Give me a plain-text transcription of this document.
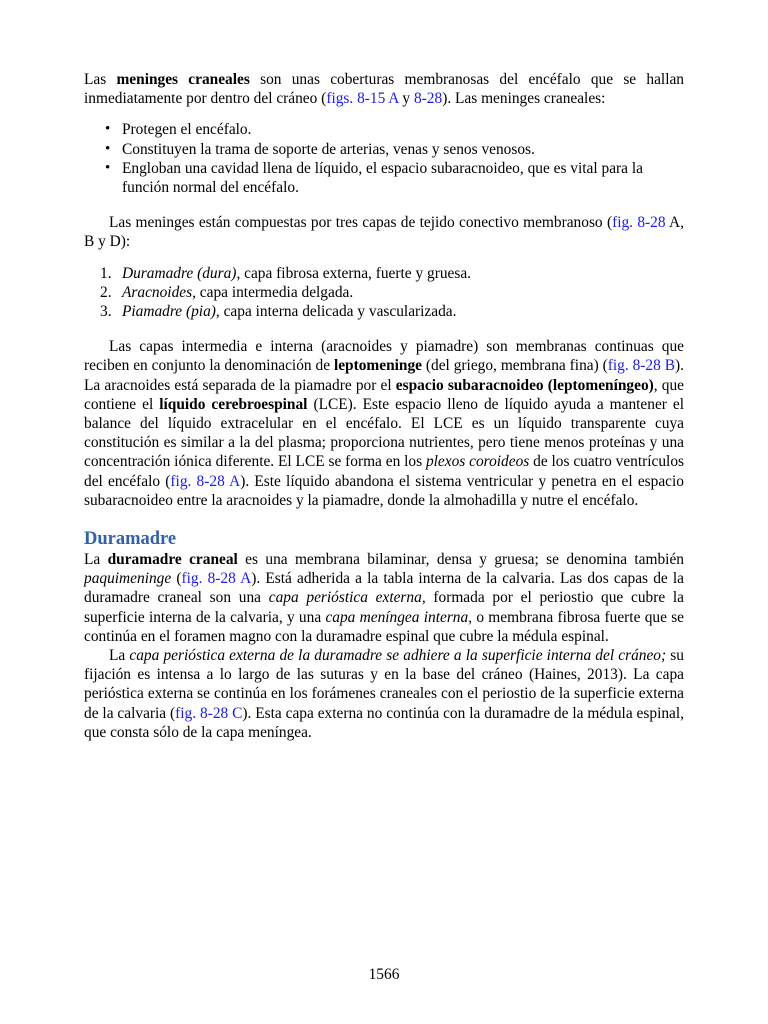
Las meninges craneales son unas coberturas membranosas del encéfalo que se hallan inmediatamente por dentro del cráneo (figs. 8-15 A y 8-28). Las meninges craneales:

• Protegen el encéfalo.
• Constituyen la trama de soporte de arterias, venas y senos venosos.
• Engloban una cavidad llena de líquido, el espacio subaracnoideo, que es vital para la función normal del encéfalo.

Las meninges están compuestas por tres capas de tejido conectivo membranoso (fig. 8-28 A, B y D):

1. Duramadre (dura), capa fibrosa externa, fuerte y gruesa.
2. Aracnoides, capa intermedia delgada.
3. Piamadre (pia), capa interna delicada y vascularizada.

Las capas intermedia e interna (aracnoides y piamadre) son membranas continuas que reciben en conjunto la denominación de leptomeninge (del griego, membrana fina) (fig. 8-28 B). La aracnoides está separada de la piamadre por el espacio subaracnoideo (leptomeníngeo), que contiene el líquido cerebroespinal (LCE). Este espacio lleno de líquido ayuda a mantener el balance del líquido extracelular en el encéfalo. El LCE es un líquido transparente cuya constitución es similar a la del plasma; proporciona nutrientes, pero tiene menos proteínas y una concentración iónica diferente. El LCE se forma en los plexos coroideos de los cuatro ventrículos del encéfalo (fig. 8-28 A). Este líquido abandona el sistema ventricular y penetra en el espacio subaracnoideo entre la aracnoides y la piamadre, donde la almohadilla y nutre el encéfalo.

Duramadre

La duramadre craneal es una membrana bilaminar, densa y gruesa; se denomina también paquimeninge (fig. 8-28 A). Está adherida a la tabla interna de la calvaria. Las dos capas de la duramadre craneal son una capa perióstica externa, formada por el periostio que cubre la superficie interna de la calvaria, y una capa meníngea interna, o membrana fibrosa fuerte que se continúa en el foramen magno con la duramadre espinal que cubre la médula espinal.

La capa perióstica externa de la duramadre se adhiere a la superficie interna del cráneo; su fijación es intensa a lo largo de las suturas y en la base del cráneo (Haines, 2013). La capa perióstica externa se continúa en los forámenes craneales con el periostio de la superficie externa de la calvaria (fig. 8-28 C). Esta capa externa no continúa con la duramadre de la médula espinal, que consta sólo de la capa meníngea.

1566
